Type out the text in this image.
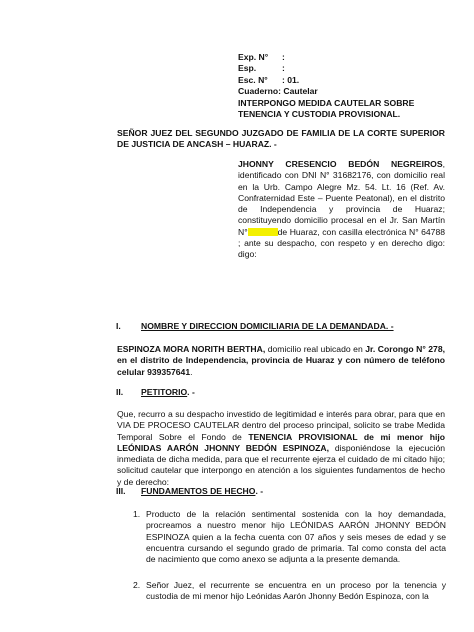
Exp. N° :
Esp.	:
Esc. N° : 01.
Cuaderno: Cautelar
INTERPONGO MEDIDA CAUTELAR SOBRE
TENENCIA Y CUSTODIA PROVISIONAL.
SEÑOR JUEZ DEL SEGUNDO JUZGADO DE FAMILIA DE LA CORTE SUPERIOR DE JUSTICIA DE ANCASH – HUARAZ. -
JHONNY CRESENCIO BEDÓN NEGREIROS, identificado con DNI N° 31682176, con domicilio real en la Urb. Campo Alegre Mz. 54. Lt. 16 (Ref. Av. Confraternidad Este – Puente Peatonal), en el distrito de Independencia y provincia de Huaraz; constituyendo domicilio procesal en el Jr. San Martín N°	de Huaraz, con casilla electrónica N° 64788 ; ante su despacho, con respeto y en derecho digo: digo:
I. NOMBRE Y DIRECCION DOMICILIARIA DE LA DEMANDADA. -
ESPINOZA MORA NORITH BERTHA, domicilio real ubicado en Jr. Corongo N° 278, en el distrito de Independencia, provincia de Huaraz y con número de teléfono celular 939357641.
II. PETITORIO. -
Que, recurro a su despacho investido de legitimidad e interés para obrar, para que en VIA DE PROCESO CAUTELAR dentro del proceso principal, solicito se trabe Medida Temporal Sobre el Fondo de TENENCIA PROVISIONAL de mi menor hijo LEÓNIDAS AARÓN JHONNY BEDÓN ESPINOZA, disponiéndose la ejecución inmediata de dicha medida, para que el recurrente ejerza el cuidado de mi citado hijo; solicitud cautelar que interpongo en atención a los siguientes fundamentos de hecho y de derecho:
III. FUNDAMENTOS DE HECHO. -
1. Producto de la relación sentimental sostenida con la hoy demandada, procreamos a nuestro menor hijo LEÓNIDAS AARÓN JHONNY BEDÓN ESPINOZA quien a la fecha cuenta con 07 años y seis meses de edad y se encuentra cursando el segundo grado de primaria. Tal como consta del acta de nacimiento que como anexo se adjunta a la presente demanda.
2. Señor Juez, el recurrente se encuentra en un proceso por la tenencia y custodia de mi menor hijo Leónidas Aarón Jhonny Bedón Espinoza, con la
